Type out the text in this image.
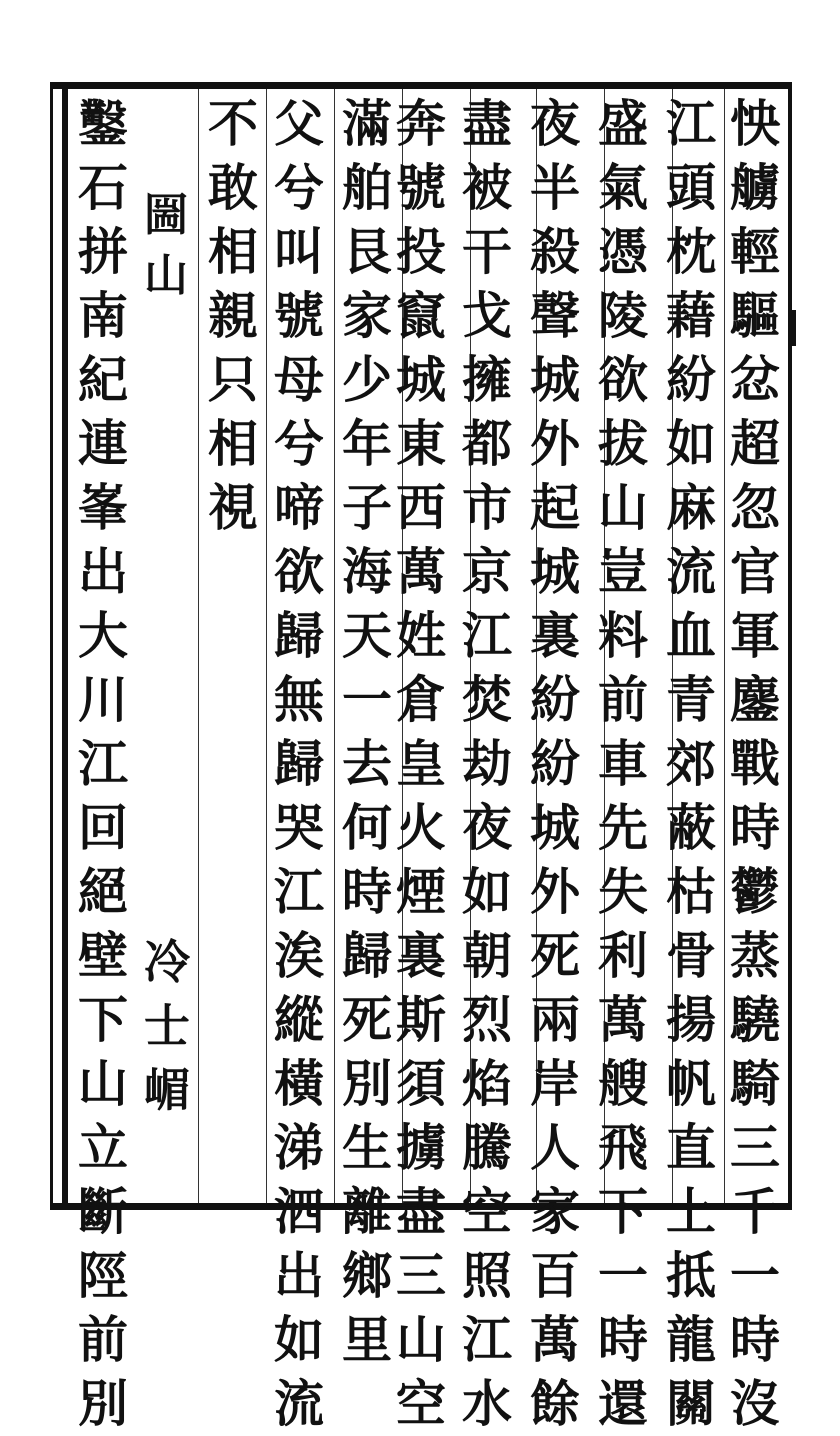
怏
艣
輕
驅
忿
超
忽
官
軍
鏖
戰
時
鬱
蒸
驍
騎
三
千
一
時
沒
江
頭
枕
藉
紛
如
麻
流
血
青
郊
蔽
枯
骨
揚
帆
直
上
抵
龍
關
盛
氣
憑
陵
欲
拔
山
豈
料
前
車
先
失
利
萬
艘
飛
下
一
時
還
夜
半
殺
聲
城
外
起
城
裏
紛
紛
城
外
死
兩
岸
人
家
百
萬
餘
盡
被
干
戈
擁
都
市
京
江
焚
劫
夜
如
朝
烈
焰
騰
空
照
江
水
奔
號
投
竄
城
東
西
萬
姓
倉
皇
火
煙
裏
斯
須
擄
盡
三
山
空
滿
舶
艮
家
少
年
子
海
天
一
去
何
時
歸
死
別
生
離
鄉
里
父
兮
叫
號
母
兮
啼
欲
歸
無
歸
哭
江
涘
縱
橫
涕
泗
出
如
流
不
敢
相
親
只
相
視
圌
山
冷
士
嵋
鑿
石
拼
南
紀
連
峯
出
大
川
江
回
絕
壁
下
山
立
斷
陘
前
別
